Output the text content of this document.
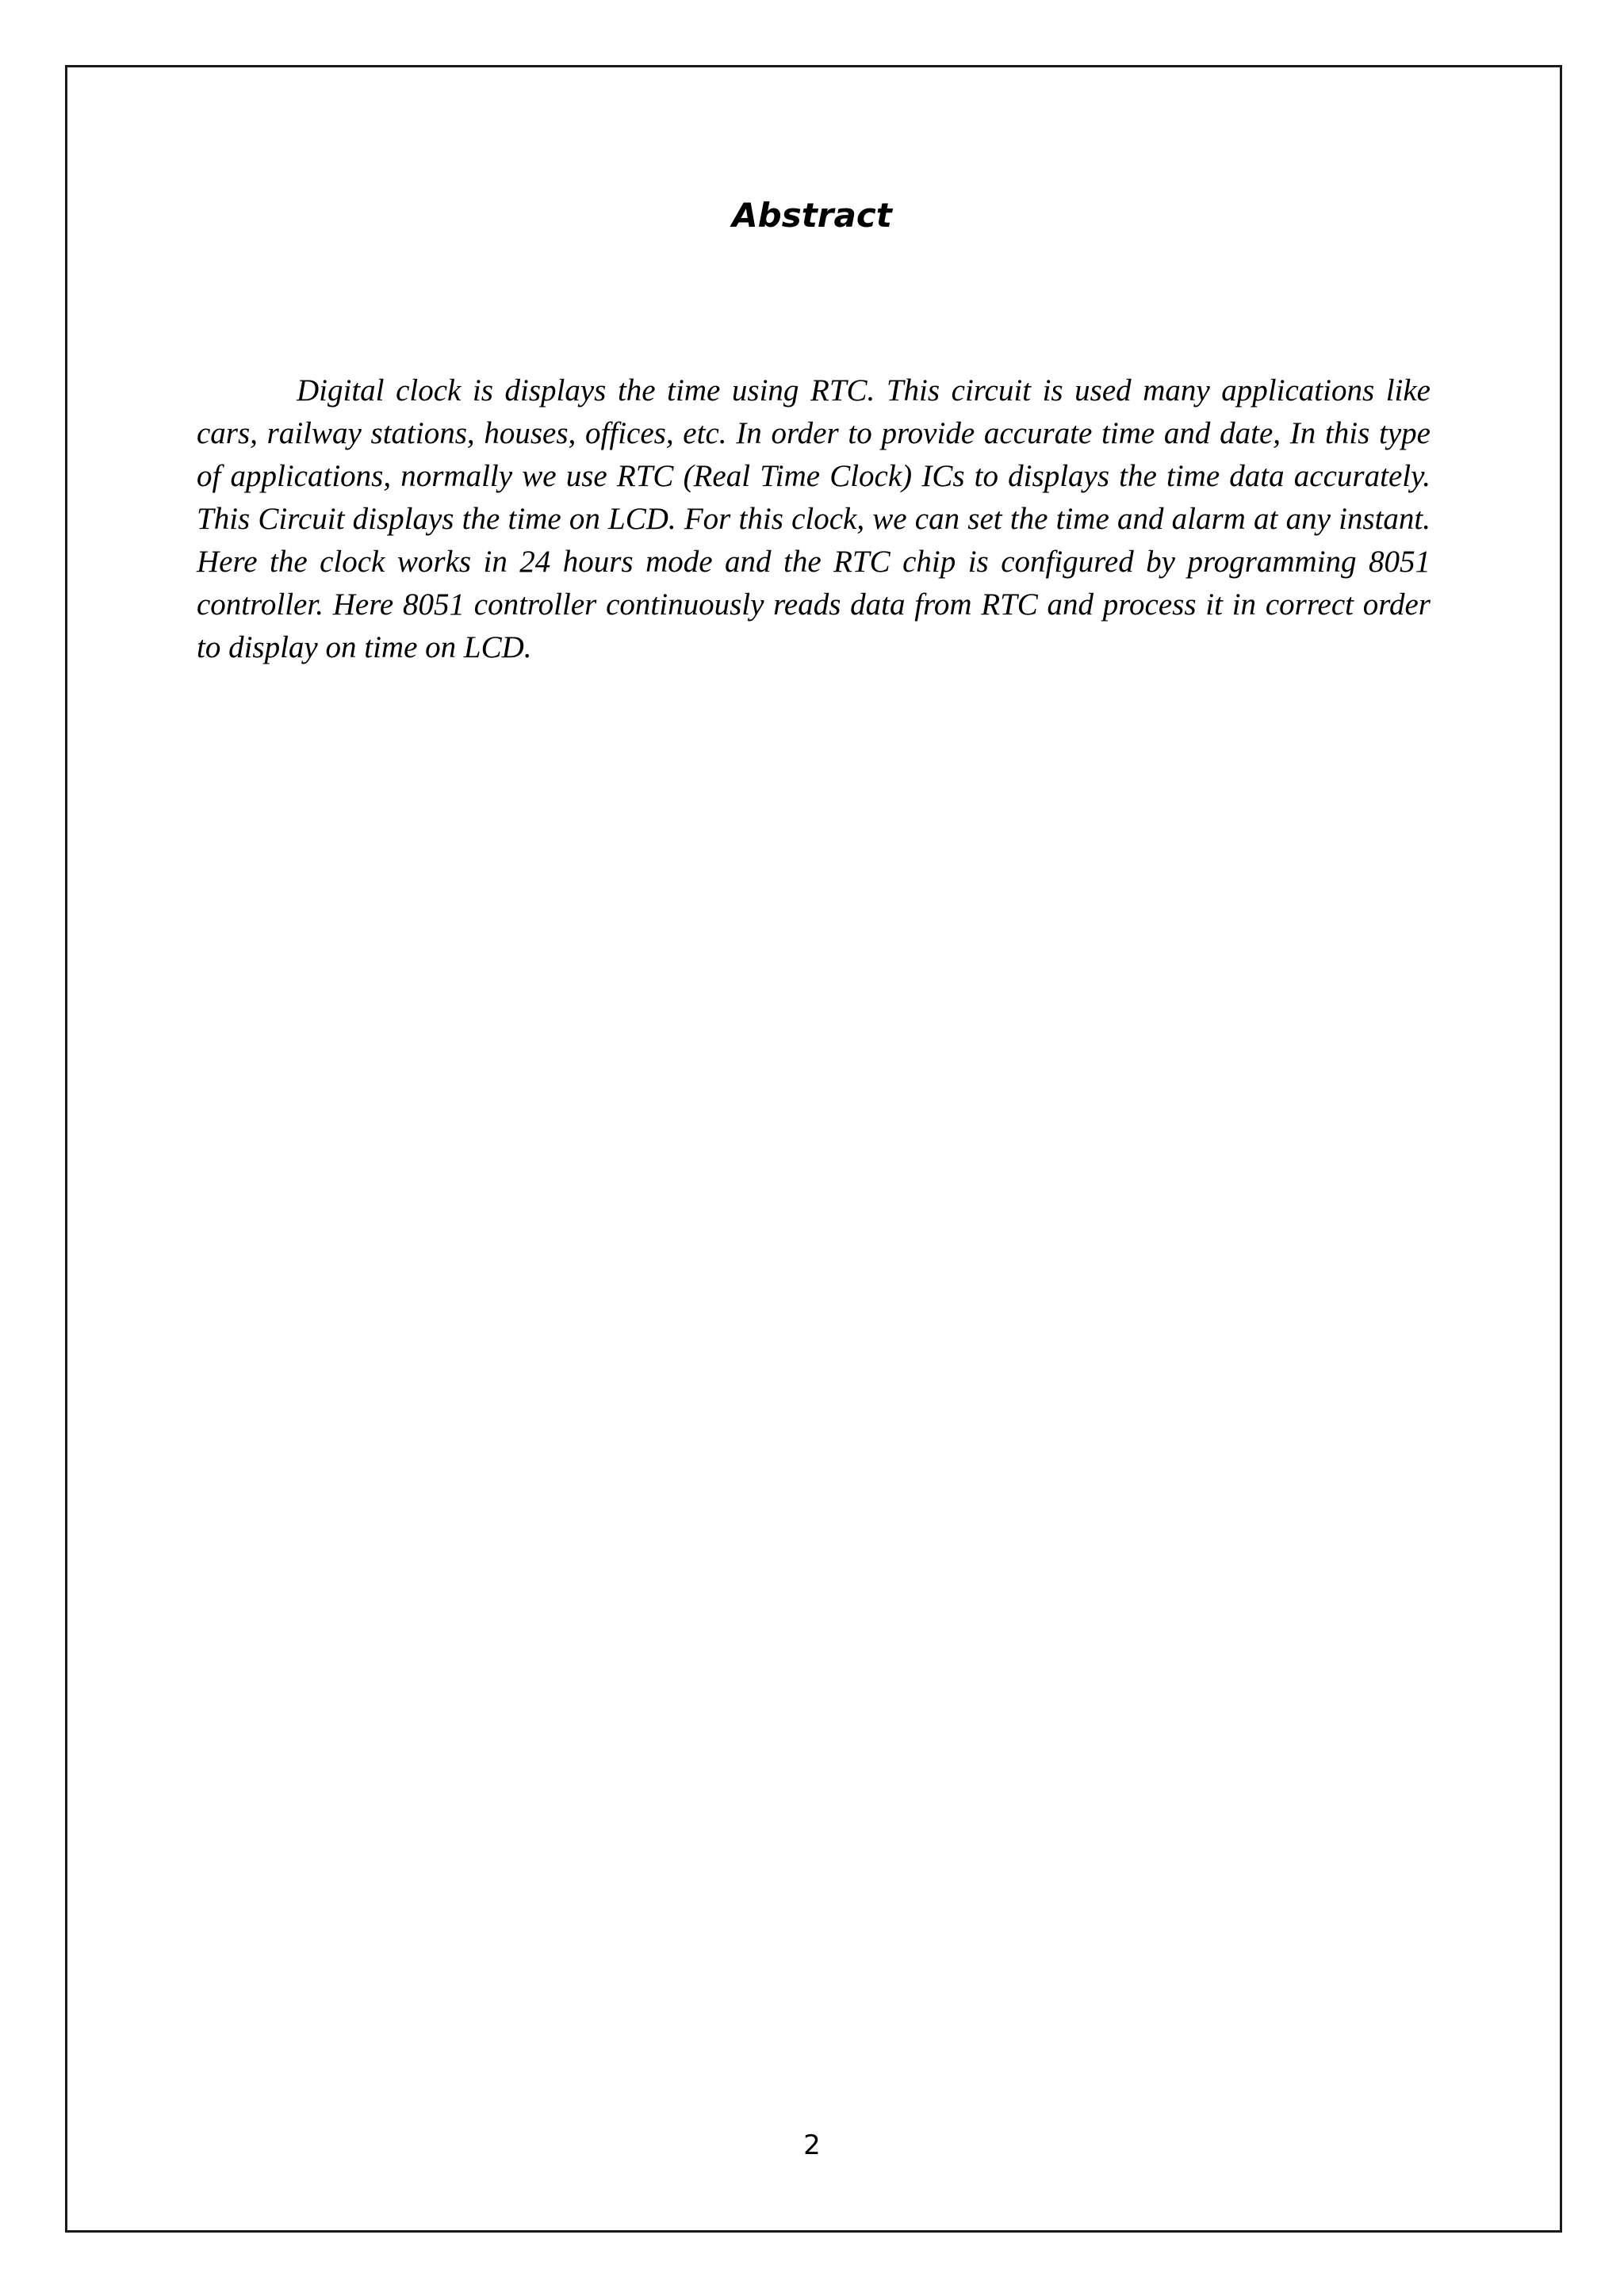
Abstract

Digital clock is displays the time using RTC. This circuit is used many applications like cars, railway stations, houses, offices, etc. In order to provide accurate time and date, In this type of applications, normally we use RTC (Real Time Clock) ICs to displays the time data accurately. This Circuit displays the time on LCD. For this clock, we can set the time and alarm at any instant. Here the clock works in 24 hours mode and the RTC chip is configured by programming 8051 controller. Here 8051 controller continuously reads data from RTC and process it in correct order to display on time on LCD.

2
